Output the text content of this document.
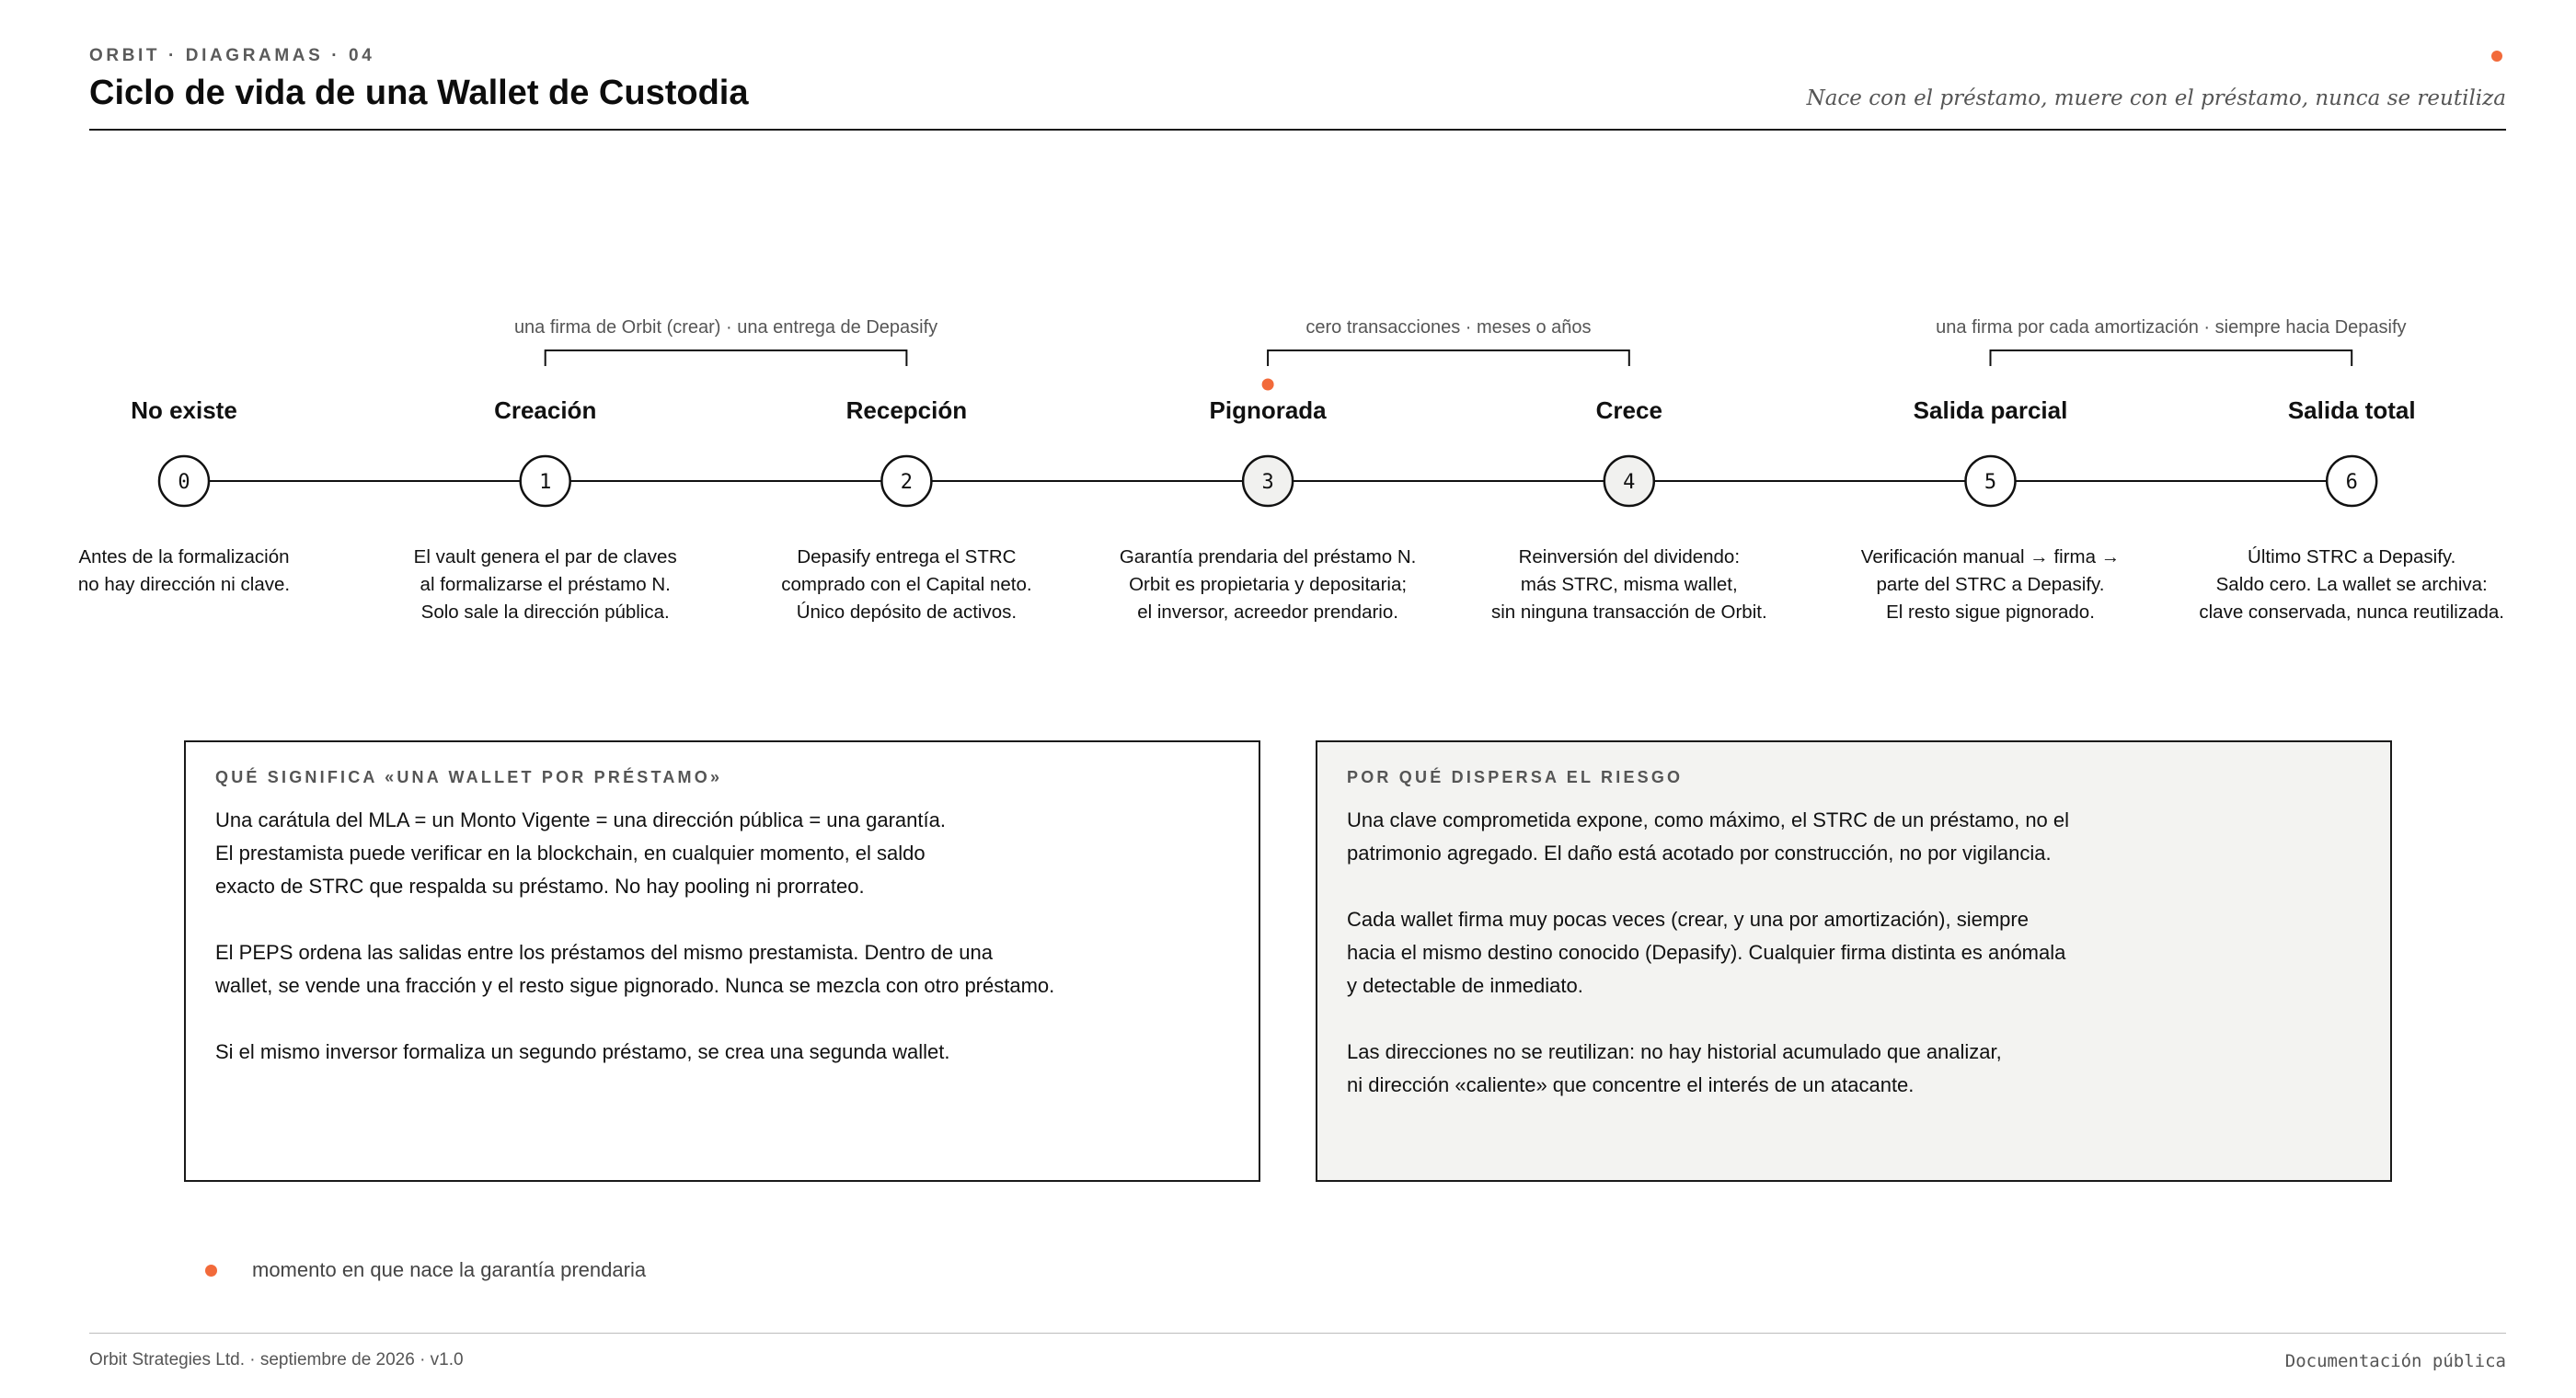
ORBIT · DIAGRAMAS · 04
Ciclo de vida de una Wallet de Custodia	Nace con el préstamo, muere con el préstamo, nunca se reutiliza
una firma de Orbit (crear) · una entrega de Depasify	cero transacciones · meses o años	una firma por cada amortización · siempre hacia Depasify
No existe
0
Antes de la formalización
no hay dirección ni clave.
Creación
1
El vault genera el par de claves
al formalizarse el préstamo N.
Solo sale la dirección pública.
Recepción
2
Depasify entrega el STRC
comprado con el Capital neto.
Único depósito de activos.
Pignorada
3
Garantía prendaria del préstamo N.
Orbit es propietaria y depositaria;
el inversor, acreedor prendario.
Crece
4
Reinversión del dividendo:
más STRC, misma wallet,
sin ninguna transacción de Orbit.
Salida parcial
5
Verificación manual → firma →
parte del STRC a Depasify.
El resto sigue pignorado.
Salida total
6
Último STRC a Depasify.
Saldo cero. La wallet se archiva:
clave conservada, nunca reutilizada.
QUÉ SIGNIFICA «UNA WALLET POR PRÉSTAMO»

Una carátula del MLA = un Monto Vigente = una dirección pública = una garantía.
El prestamista puede verificar en la blockchain, en cualquier momento, el saldo
exacto de STRC que respalda su préstamo. No hay pooling ni prorrateo.

El PEPS ordena las salidas entre los préstamos del mismo prestamista. Dentro de una
wallet, se vende una fracción y el resto sigue pignorado. Nunca se mezcla con otro préstamo.

Si el mismo inversor formaliza un segundo préstamo, se crea una segunda wallet.

POR QUÉ DISPERSA EL RIESGO

Una clave comprometida expone, como máximo, el STRC de un préstamo, no el
patrimonio agregado. El daño está acotado por construcción, no por vigilancia.

Cada wallet firma muy pocas veces (crear, y una por amortización), siempre
hacia el mismo destino conocido (Depasify). Cualquier firma distinta es anómala
y detectable de inmediato.

Las direcciones no se reutilizan: no hay historial acumulado que analizar,
ni dirección «caliente» que concentre el interés de un atacante.

momento en que nace la garantía prendaria
Orbit Strategies Ltd. · septiembre de 2026 · v1.0	Documentación pública
